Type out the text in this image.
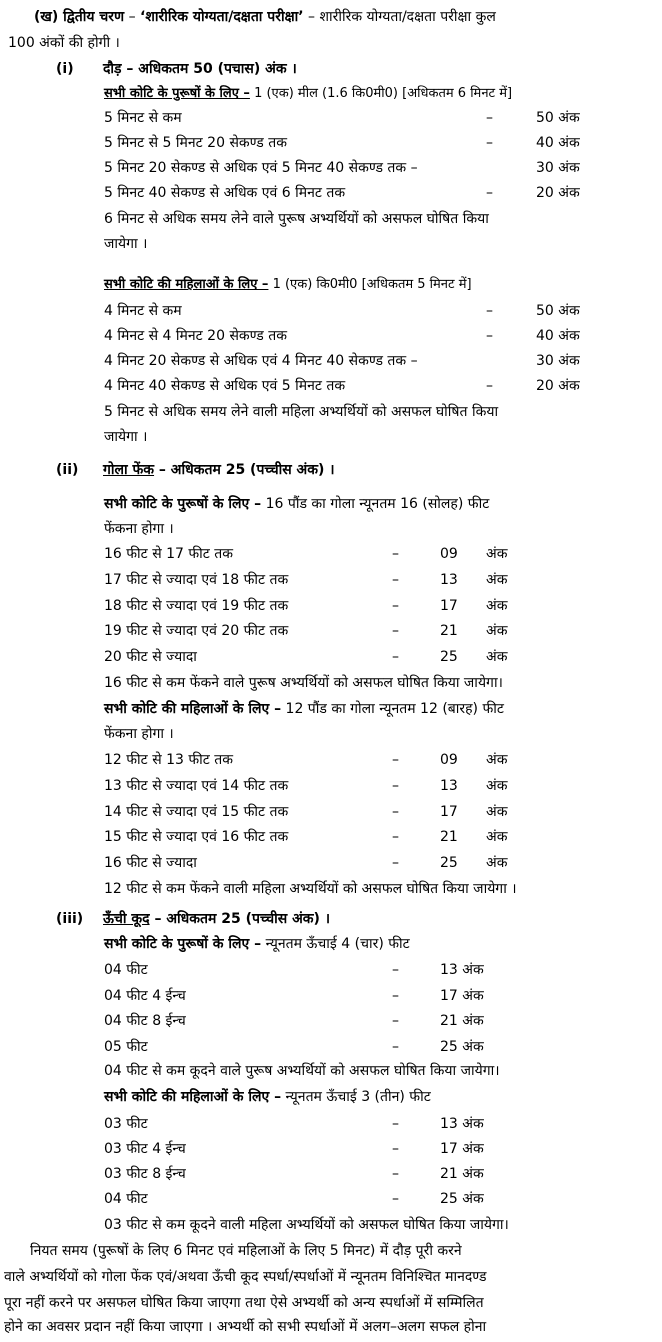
(ख) द्वितीय चरण – ‘शारीरिक योग्यता/दक्षता परीक्षा’ – शारीरिक योग्यता/दक्षता परीक्षा कुल
100 अंकों की होगी ।
(i) दौड़ – अधिकतम 50 (पचास) अंक ।
सभी कोटि के पुरूषों के लिए – 1 (एक) मील (1.6 कि0मी0) [अधिकतम 6 मिनट में]
5 मिनट से कम	–	50 अंक
5 मिनट से 5 मिनट 20 सेकण्ड तक	–	40 अंक
5 मिनट 20 सेकण्ड से अधिक एवं 5 मिनट 40 सेकण्ड तक –	30 अंक
5 मिनट 40 सेकण्ड से अधिक एवं 6 मिनट तक	–	20 अंक
6 मिनट से अधिक समय लेने वाले पुरूष अभ्यर्थियों को असफल घोषित किया
जायेगा ।
सभी कोटि की महिलाओं के लिए – 1 (एक) कि0मी0 [अधिकतम 5 मिनट में]
4 मिनट से कम	–	50 अंक
4 मिनट से 4 मिनट 20 सेकण्ड तक	–	40 अंक
4 मिनट 20 सेकण्ड से अधिक एवं 4 मिनट 40 सेकण्ड तक –	30 अंक
4 मिनट 40 सेकण्ड से अधिक एवं 5 मिनट तक	–	20 अंक
5 मिनट से अधिक समय लेने वाली महिला अभ्यर्थियों को असफल घोषित किया
जायेगा ।
(ii) गोला फेंक – अधिकतम 25 (पच्चीस अंक) ।
सभी कोटि के पुरूषों के लिए – 16 पौंड का गोला न्यूनतम 16 (सोलह) फीट
फेंकना होगा ।
16 फीट से 17 फीट तक	–	09 अंक
17 फीट से ज्यादा एवं 18 फीट तक	–	13 अंक
18 फीट से ज्यादा एवं 19 फीट तक	–	17 अंक
19 फीट से ज्यादा एवं 20 फीट तक	–	21 अंक
20 फीट से ज्यादा	–	25 अंक
16 फीट से कम फेंकने वाले पुरूष अभ्यर्थियों को असफल घोषित किया जायेगा।
सभी कोटि की महिलाओं के लिए – 12 पौंड का गोला न्यूनतम 12 (बारह) फीट
फेंकना होगा ।
12 फीट से 13 फीट तक	–	09 अंक
13 फीट से ज्यादा एवं 14 फीट तक	–	13 अंक
14 फीट से ज्यादा एवं 15 फीट तक	–	17 अंक
15 फीट से ज्यादा एवं 16 फीट तक	–	21 अंक
16 फीट से ज्यादा	–	25 अंक
12 फीट से कम फेंकने वाली महिला अभ्यर्थियों को असफल घोषित किया जायेगा ।
(iii) ऊँची कूद – अधिकतम 25 (पच्चीस अंक) ।
सभी कोटि के पुरूषों के लिए – न्यूनतम ऊँचाई 4 (चार) फीट
04 फीट	–	13 अंक
04 फीट 4 ईन्च	–	17 अंक
04 फीट 8 ईन्च	–	21 अंक
05 फीट	–	25 अंक
04 फीट से कम कूदने वाले पुरूष अभ्यर्थियों को असफल घोषित किया जायेगा।
सभी कोटि की महिलाओं के लिए – न्यूनतम ऊँचाई 3 (तीन) फीट
03 फीट	–	13 अंक
03 फीट 4 ईन्च	–	17 अंक
03 फीट 8 ईन्च	–	21 अंक
04 फीट	–	25 अंक
03 फीट से कम कूदने वाली महिला अभ्यर्थियों को असफल घोषित किया जायेगा।
नियत समय (पुरूषों के लिए 6 मिनट एवं महिलाओं के लिए 5 मिनट) में दौड़ पूरी करने
वाले अभ्यर्थियों को गोला फेंक एवं/अथवा ऊँची कूद स्पर्धा/स्पर्धाओं में न्यूनतम विनिश्चित मानदण्ड
पूरा नहीं करने पर असफल घोषित किया जाएगा तथा ऐसे अभ्यर्थी को अन्य स्पर्धाओं में सम्मिलित
होने का अवसर प्रदान नहीं किया जाएगा । अभ्यर्थी को सभी स्पर्धाओं में अलग–अलग सफल होना
